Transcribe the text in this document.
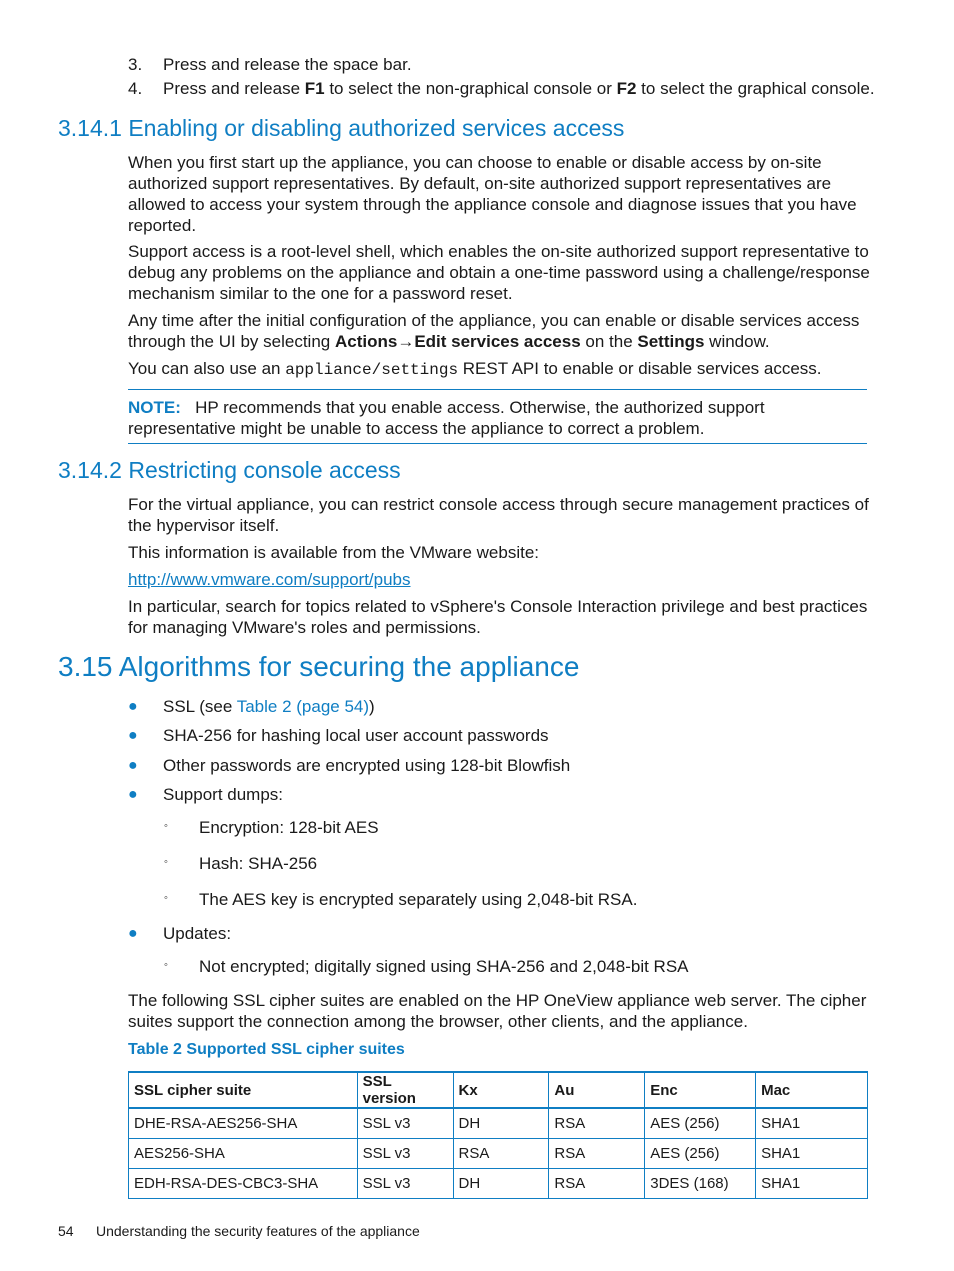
3. Press and release the space bar.
4. Press and release F1 to select the non-graphical console or F2 to select the graphical console.
3.14.1 Enabling or disabling authorized services access

When you first start up the appliance, you can choose to enable or disable access by on-site authorized support representatives. By default, on-site authorized support representatives are allowed to access your system through the appliance console and diagnose issues that you have reported.

Support access is a root-level shell, which enables the on-site authorized support representative to debug any problems on the appliance and obtain a one-time password using a challenge/response mechanism similar to the one for a password reset.

Any time after the initial configuration of the appliance, you can enable or disable services access through the UI by selecting Actions→Edit services access on the Settings window.

You can also use an appliance/settings REST API to enable or disable services access.

NOTE: HP recommends that you enable access. Otherwise, the authorized support representative might be unable to access the appliance to correct a problem.

3.14.2 Restricting console access

For the virtual appliance, you can restrict console access through secure management practices of the hypervisor itself.

This information is available from the VMware website:

http://www.vmware.com/support/pubs

In particular, search for topics related to vSphere's Console Interaction privilege and best practices for managing VMware's roles and permissions.

3.15 Algorithms for securing the appliance
● SSL (see Table 2 (page 54))
● SHA-256 for hashing local user account passwords
● Other passwords are encrypted using 128-bit Blowfish
● Support dumps:
◦ Encryption: 128-bit AES
◦ Hash: SHA-256
◦ The AES key is encrypted separately using 2,048-bit RSA.
● Updates:
◦ Not encrypted; digitally signed using SHA-256 and 2,048-bit RSA

The following SSL cipher suites are enabled on the HP OneView appliance web server. The cipher suites support the connection among the browser, other clients, and the appliance.

Table 2 Supported SSL cipher suites
SSL cipher suite	SSL version	Kx	Au	Enc	Mac
DHE-RSA-AES256-SHA	SSL v3	DH	RSA	AES (256)	SHA1
AES256-SHA	SSL v3	RSA	RSA	AES (256)	SHA1
EDH-RSA-DES-CBC3-SHA	SSL v3	DH	RSA	3DES (168)	SHA1
54 Understanding the security features of the appliance
